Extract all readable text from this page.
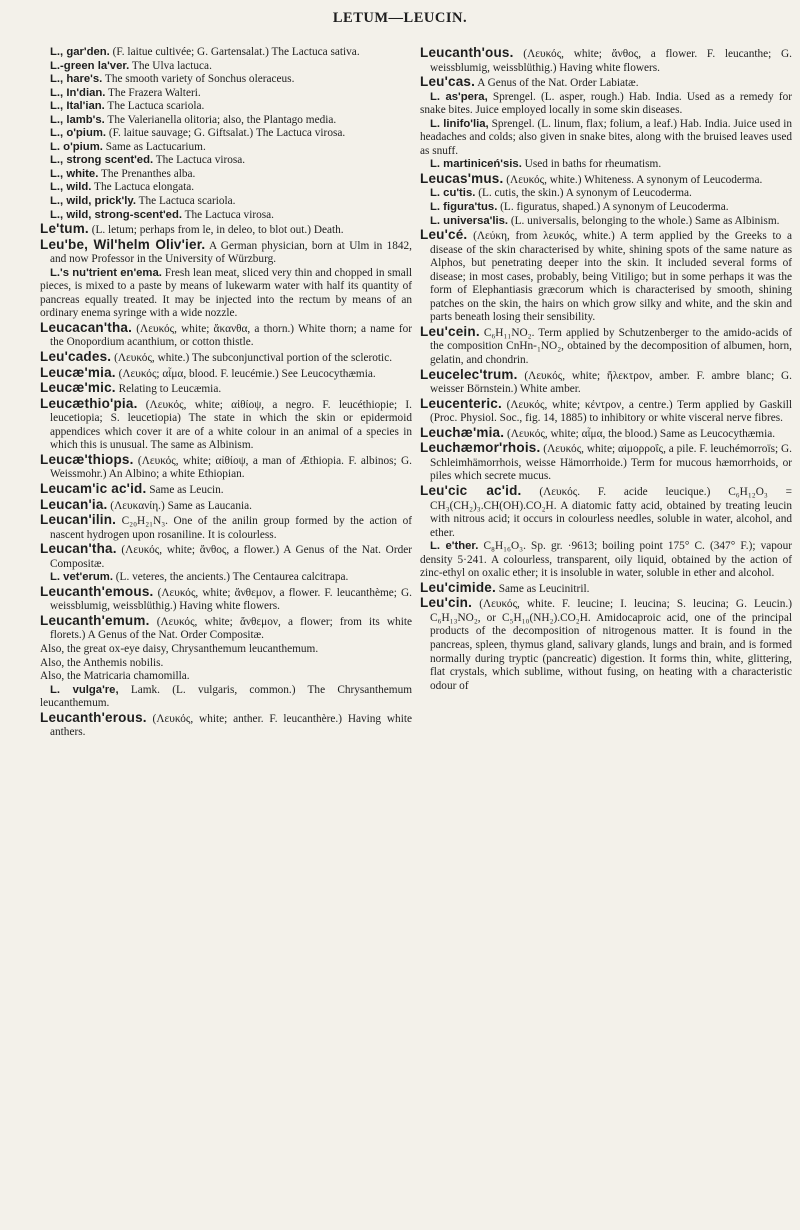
LETUM—LEUCIN.

L., gar'den. (F. laitue cultivée; G. Gartensalat.) The Lactuca sativa.

L.-green la'ver. The Ulva lactuca.

L., hare's. The smooth variety of Sonchus oleraceus.

L., In'dian. The Frazera Walteri.

L., Ital'ian. The Lactuca scariola.

L., lamb's. The Valerianella olitoria; also, the Plantago media.

L., o'pium. (F. laitue sauvage; G. Giftsalat.) The Lactuca virosa.

L. o'pium. Same as Lactucarium.

L., strong scent'ed. The Lactuca virosa.

L., white. The Prenanthes alba.

L., wild. The Lactuca elongata.

L., wild, prick'ly. The Lactuca scariola.

L., wild, strong-scent'ed. The Lactuca virosa.

Le'tum. (L. letum; perhaps from le, in deleo, to blot out.) Death.

Leu'be, Wil'helm Oliv'ier. A German physician, born at Ulm in 1842, and now Professor in the University of Würzburg.

L.'s nu'trient en'ema. Fresh lean meat, sliced very thin and chopped in small pieces, is mixed to a paste by means of lukewarm water with half its quantity of pancreas equally treated. It may be injected into the rectum by means of an ordinary enema syringe with a wide nozzle.

Leucacan'tha. (Λευκός, white; ἄκανθα, a thorn.) White thorn; a name for the Onopordium acanthium, or cotton thistle.

Leu'cades. (Λευκός, white.) The subconjunctival portion of the sclerotic.

Leucæ'mia. (Λευκός; αἷμα, blood. F. leucémie.) See Leucocythæmia.

Leucæ'mic. Relating to Leucæmia.

Leucæthio'pia. (Λευκός, white; αἰθίοψ, a negro. F. leucéthiopie; I. leucetiopia; S. leucetiopia) The state in which the skin or epidermoid appendices which cover it are of a white colour in an animal of a species in which this is unusual. The same as Albinism.

Leucæ'thiops. (Λευκός, white; αἰθίοψ, a man of Æthiopia. F. albinos; G. Weissmohr.) An Albino; a white Ethiopian.

Leucam'ic ac'id. Same as Leucin.

Leucan'ia. (Λευκανίη.) Same as Laucania.

Leucan'ilin. C₂₀H₂₁N₃. One of the anilin group formed by the action of nascent hydrogen upon rosaniline. It is colourless.

Leucan'tha. (Λευκός, white; ἄνθος, a flower.) A Genus of the Nat. Order Compositæ.

L. vet'erum. (L. veteres, the ancients.) The Centaurea calcitrapa.

Leucanth'emous. (Λευκός, white; ἄνθεμον, a flower. F. leucanthème; G. weissblumig, weissblüthig.) Having white flowers.

Leucanth'emum. (Λευκός, white; ἄνθεμον, a flower; from its white florets.) A Genus of the Nat. Order Compositæ.

Also, the great ox-eye daisy, Chrysanthemum leucanthemum.

Also, the Anthemis nobilis.

Also, the Matricaria chamomilla.

L. vulga're, Lamk. (L. vulgaris, common.) The Chrysanthemum leucanthemum.

Leucanth'erous. (Λευκός, white; anther. F. leucanthère.) Having white anthers.

Leucanth'ous. (Λευκός, white; ἄνθος, a flower. F. leucanthe; G. weissblumig, weissblüthig.) Having white flowers.

Leu'cas. A Genus of the Nat. Order Labiatæ.

L. as'pera, Sprengel. (L. asper, rough.) Hab. India. Used as a remedy for snake bites. Juice employed locally in some skin diseases.

L. linifo'lia, Sprengel. (L. linum, flax; folium, a leaf.) Hab. India. Juice used in headaches and colds; also given in snake bites, along with the bruised leaves used as snuff.

L. martiniceń'sis. Used in baths for rheumatism.

Leucas'mus. (Λευκός, white.) Whiteness. A synonym of Leucoderma.

L. cu'tis. (L. cutis, the skin.) A synonym of Leucoderma.

L. figura'tus. (L. figuratus, shaped.) A synonym of Leucoderma.

L. universa'lis. (L. universalis, belonging to the whole.) Same as Albinism.

Leu'cé. (Λεύκη, from λευκός, white.) A term applied by the Greeks to a disease of the skin characterised by white, shining spots of the same nature as Alphos, but penetrating deeper into the skin. It included several forms of disease; in most cases, probably, being Vitiligo; but in some perhaps it was the form of Elephantiasis græcorum which is characterised by smooth, shining patches on the skin, the hairs on which grow silky and white, and the skin and parts beneath losing their sensibility.

Leu'cein. C₆H₁₁NO₂. Term applied by Schutzenberger to the amido-acids of the composition CnHn-₁NO₂, obtained by the decomposition of albumen, horn, gelatin, and chondrin.

Leucelec'trum. (Λευκός, white; ἤλεκτρον, amber. F. ambre blanc; G. weisser Börnstein.) White amber.

Leucenteric. (Λευκός, white; κέντρον, a centre.) Term applied by Gaskill (Proc. Physiol. Soc., fig. 14, 1885) to inhibitory or white visceral nerve fibres.

Leuchæ'mia. (Λευκός, white; αἷμα, the blood.) Same as Leucocythæmia.

Leuchæmor'rhois. (Λευκός, white; αἱμορροΐς, a pile. F. leuchémorroïs; G. Schleimhämorrhois, weisse Hämorrhoide.) Term for mucous hæmorrhoids, or piles which secrete mucus.

Leu'cic ac'id. (Λευκός. F. acide leucique.) C₆H₁₂O₃ = CH₃(CH₂)₃.CH(OH).CO₂H. A diatomic fatty acid, obtained by treating leucin with nitrous acid; it occurs in colourless needles, soluble in water, alcohol, and ether.

L. e'ther. C₈H₁₆O₃. Sp. gr. ·9613; boiling point 175° C. (347° F.); vapour density 5·241. A colourless, transparent, oily liquid, obtained by the action of zinc-ethyl on oxalic ether; it is insoluble in water, soluble in ether and alcohol.

Leu'cimide. Same as Leucinitril.

Leu'cin. (Λευκός, white. F. leucine; I. leucina; S. leucina; G. Leucin.) C₆H₁₃NO₂, or C₅H₁₀(NH₂).CO₂H. Amidocaproic acid, one of the principal products of the decomposition of nitrogenous matter. It is found in the pancreas, spleen, thymus gland, salivary glands, lungs and brain, and is formed normally during tryptic (pancreatic) digestion. It forms thin, white, glittering, flat crystals, which sublime, without fusing, on heating with a characteristic odour of
